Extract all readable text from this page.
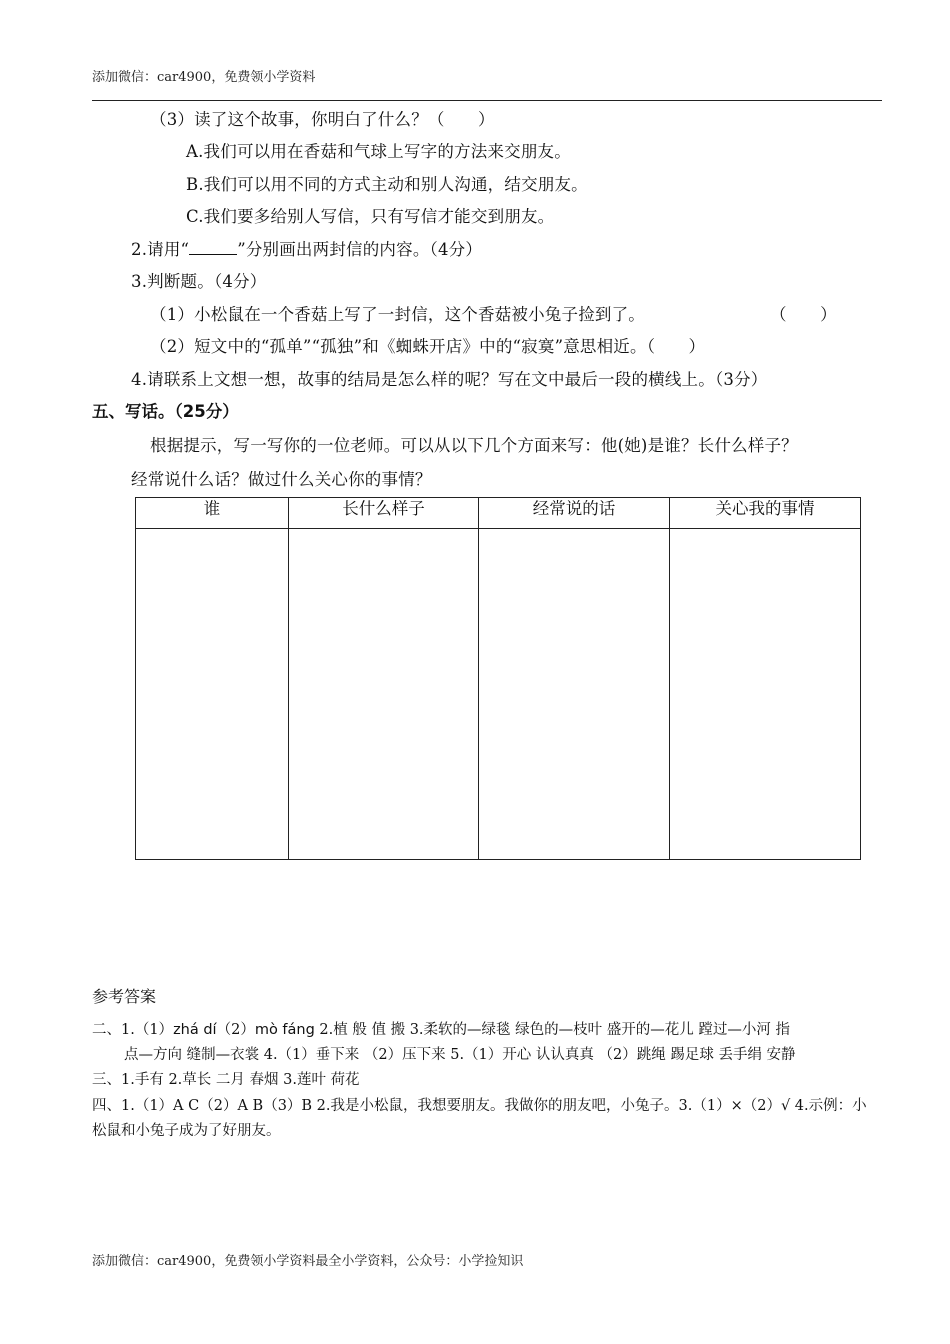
添加微信：car4900，免费领小学资料
（3）读了这个故事，你明白了什么？（　　）
A.我们可以用在香菇和气球上写字的方法来交朋友。
B.我们可以用不同的方式主动和别人沟通，结交朋友。
C.我们要多给别人写信，只有写信才能交到朋友。
2.请用“	”分别画出两封信的内容。（4分）
3.判断题。（4分）
（1）小松鼠在一个香菇上写了一封信，这个香菇被小兔子捡到了。	（　　）
（2）短文中的“孤单”“孤独”和《蜘蛛开店》中的“寂寞”意思相近。（　　）
4.请联系上文想一想，故事的结局是怎么样的呢？写在文中最后一段的横线上。（3分）
五、写话。（25分）
根据提示，写一写你的一位老师。可以从以下几个方面来写：他(她)是谁？长什么样子？
经常说什么话？做过什么关心你的事情？
谁	长什么样子	经常说的话	关心我的事情

参考答案
二、1.（1）zhá dí（2）mò fáng 2.植 般 值 搬 3.柔软的—绿毯 绿色的—枝叶 盛开的—花儿 蹚过—小河 指
点—方向 缝制—衣裳 4.（1）垂下来 （2）压下来 5.（1）开心 认认真真 （2）跳绳 踢足球 丢手绢 安静
三、1.手有 2.草长 二月 春烟 3.莲叶 荷花
四、1.（1）A C（2）A B（3）B 2.我是小松鼠，我想要朋友。我做你的朋友吧，小兔子。3.（1）×（2）√ 4.示例：小
松鼠和小兔子成为了好朋友。
添加微信：car4900，免费领小学资料最全小学资料，公众号：小学捡知识
